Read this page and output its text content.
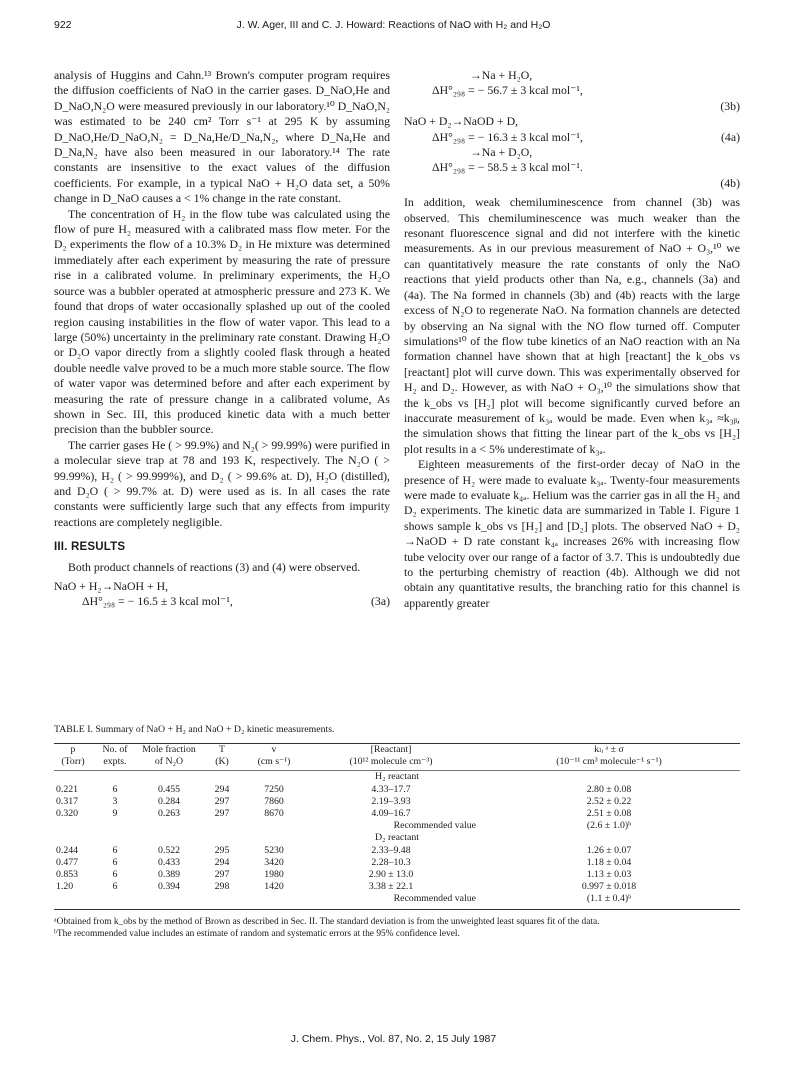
922	J. W. Ager, III and C. J. Howard: Reactions of NaO with H₂ and H₂O

analysis of Huggins and Cahn.¹³ Brown's computer program requires the diffusion coefficients of NaO in the carrier gases. D_NaO,He and D_NaO,N₂O were measured previously in our laboratory.¹⁰ D_NaO,N₂ was estimated to be 240 cm² Torr s⁻¹ at 295 K by assuming D_NaO,He/D_NaO,N₂ = D_Na,He/D_Na,N₂, where D_Na,He and D_Na,N₂ have also been measured in our laboratory.¹⁴ The rate constants are insensitive to the exact values of the diffusion coefficients. For example, in a typical NaO + H₂O data set, a 50% change in D_NaO causes a < 1% change in the rate constant.

The concentration of H₂ in the flow tube was calculated using the flow of pure H₂ measured with a calibrated mass flow meter. For the D₂ experiments the flow of a 10.3% D₂ in He mixture was determined immediately after each experiment by measuring the rate of pressure rise in a calibrated volume. In preliminary experiments, the H₂O source was a bubbler operated at atmospheric pressure and 273 K. We found that drops of water occasionally splashed up out of the cooled region causing instabilities in the flow of water vapor. This lead to a large (50%) uncertainty in the preliminary rate constant. Drawing H₂O or D₂O vapor directly from a slightly cooled flask through a heated double needle valve proved to be a much more stable source. The flow of water vapor was determined before and after each experiment by measuring the rate of pressure change in a calibrated volume, As shown in Sec. III, this produced kinetic data with a much better precision than the bubbler source.

The carrier gases He ( > 99.9%) and N₂( > 99.99%) were purified in a molecular sieve trap at 78 and 193 K, respectively. The N₂O ( > 99.99%), H₂ ( > 99.999%), and D₂ ( > 99.6% at. D), H₂O (distilled), and D₂O ( > 99.7% at. D) were used as is. In all cases the rate constants were sufficiently large such that any effects from impurity reactions are completely negligible.

III. RESULTS

Both product channels of reactions (3) and (4) were observed.

NaO + H₂→NaOH + H,
ΔH°₂₉₈ = − 16.5 ± 3 kcal mol⁻¹,	(3a)
→Na + H₂O,
ΔH°₂₉₈ = − 56.7 ± 3 kcal mol⁻¹,
(3b)
NaO + D₂→NaOD + D,
ΔH°₂₉₈ = − 16.3 ± 3 kcal mol⁻¹,	(4a)
→Na + D₂O,
ΔH°₂₉₈ = − 58.5 ± 3 kcal mol⁻¹.
(4b)

In addition, weak chemiluminescence from channel (3b) was observed. This chemiluminescence was much weaker than the resonant fluorescence signal and did not interfere with the kinetic measurements. As in our previous measurement of NaO + O₃,¹⁰ we can quantitatively measure the rate constants of only the NaO reactions that yield products other than Na, e.g., channels (3a) and (4a). The Na formed in channels (3b) and (4b) reacts with the large excess of N₂O to regenerate NaO. Na formation channels are detected by observing an Na signal with the NO flow turned off. Computer simulations¹⁰ of the flow tube kinetics of an NaO reaction with an Na formation channel have shown that at high [reactant] the k_obs vs [reactant] plot will curve down. This was experimentally observed for H₂ and D₂. However, as with NaO + O₃,¹⁰ the simulations show that the k_obs vs [H₂] plot will become significantly curved before an inaccurate measurement of k₃ₐ would be made. Even when k₃ₐ ≈k₃ᵦ, the simulation shows that fitting the linear part of the k_obs vs [H₂] plot results in a < 5% underestimate of k₃ₐ.

Eighteen measurements of the first-order decay of NaO in the presence of H₂ were made to evaluate k₃ₐ. Twenty-four measurements were made to evaluate k₄ₐ. Helium was the carrier gas in all the H₂ and D₂ experiments. The kinetic data are summarized in Table I. Figure 1 shows sample k_obs vs [H₂] and [D₂] plots. The observed NaO + D₂ →NaOD + D rate constant k₄ₐ increases 26% with increasing flow tube velocity over our range of a factor of 3.7. This is undoubtedly due to the perturbing chemistry of reaction (4b). Although we did not obtain any quantitative results, the branching ratio for this channel is apparently greater

TABLE I. Summary of NaO + H₂ and NaO + D₂ kinetic measurements.
p	No. of	Mole fraction	T	v	[Reactant]	kₗᵢ ᵃ ± σ
(Torr)	expts.	of N₂O	(K)	(cm s⁻¹)	(10¹² molecule cm⁻³)	(10⁻¹¹ cm³ molecule⁻¹ s⁻¹)

H₂ reactant						
0.221	6	0.455	294	7250	4.33–17.7	2.80 ± 0.08
0.317	3	0.284	297	7860	2.19–3.93	2.52 ± 0.22
0.320	9	0.263	297	8670	4.09–16.7	2.51 ± 0.08
					Recommended value	(2.6 ± 1.0)ᵇ
D₂ reactant						
0.244	6	0.522	295	5230	2.33–9.48	1.26 ± 0.07
0.477	6	0.433	294	3420	2.28–10.3	1.18 ± 0.04
0.853	6	0.389	297	1980	2.90 ± 13.0	1.13 ± 0.03
1.20	6	0.394	298	1420	3.38 ± 22.1	0.997 ± 0.018
					Recommended value	(1.1 ± 0.4)ᵇ
ᵃObtained from k_obs by the method of Brown as described in Sec. II. The standard deviation is from the unweighted least squares fit of the data.
ᵇThe recommended value includes an estimate of random and systematic errors at the 95% confidence level.
J. Chem. Phys., Vol. 87, No. 2, 15 July 1987
